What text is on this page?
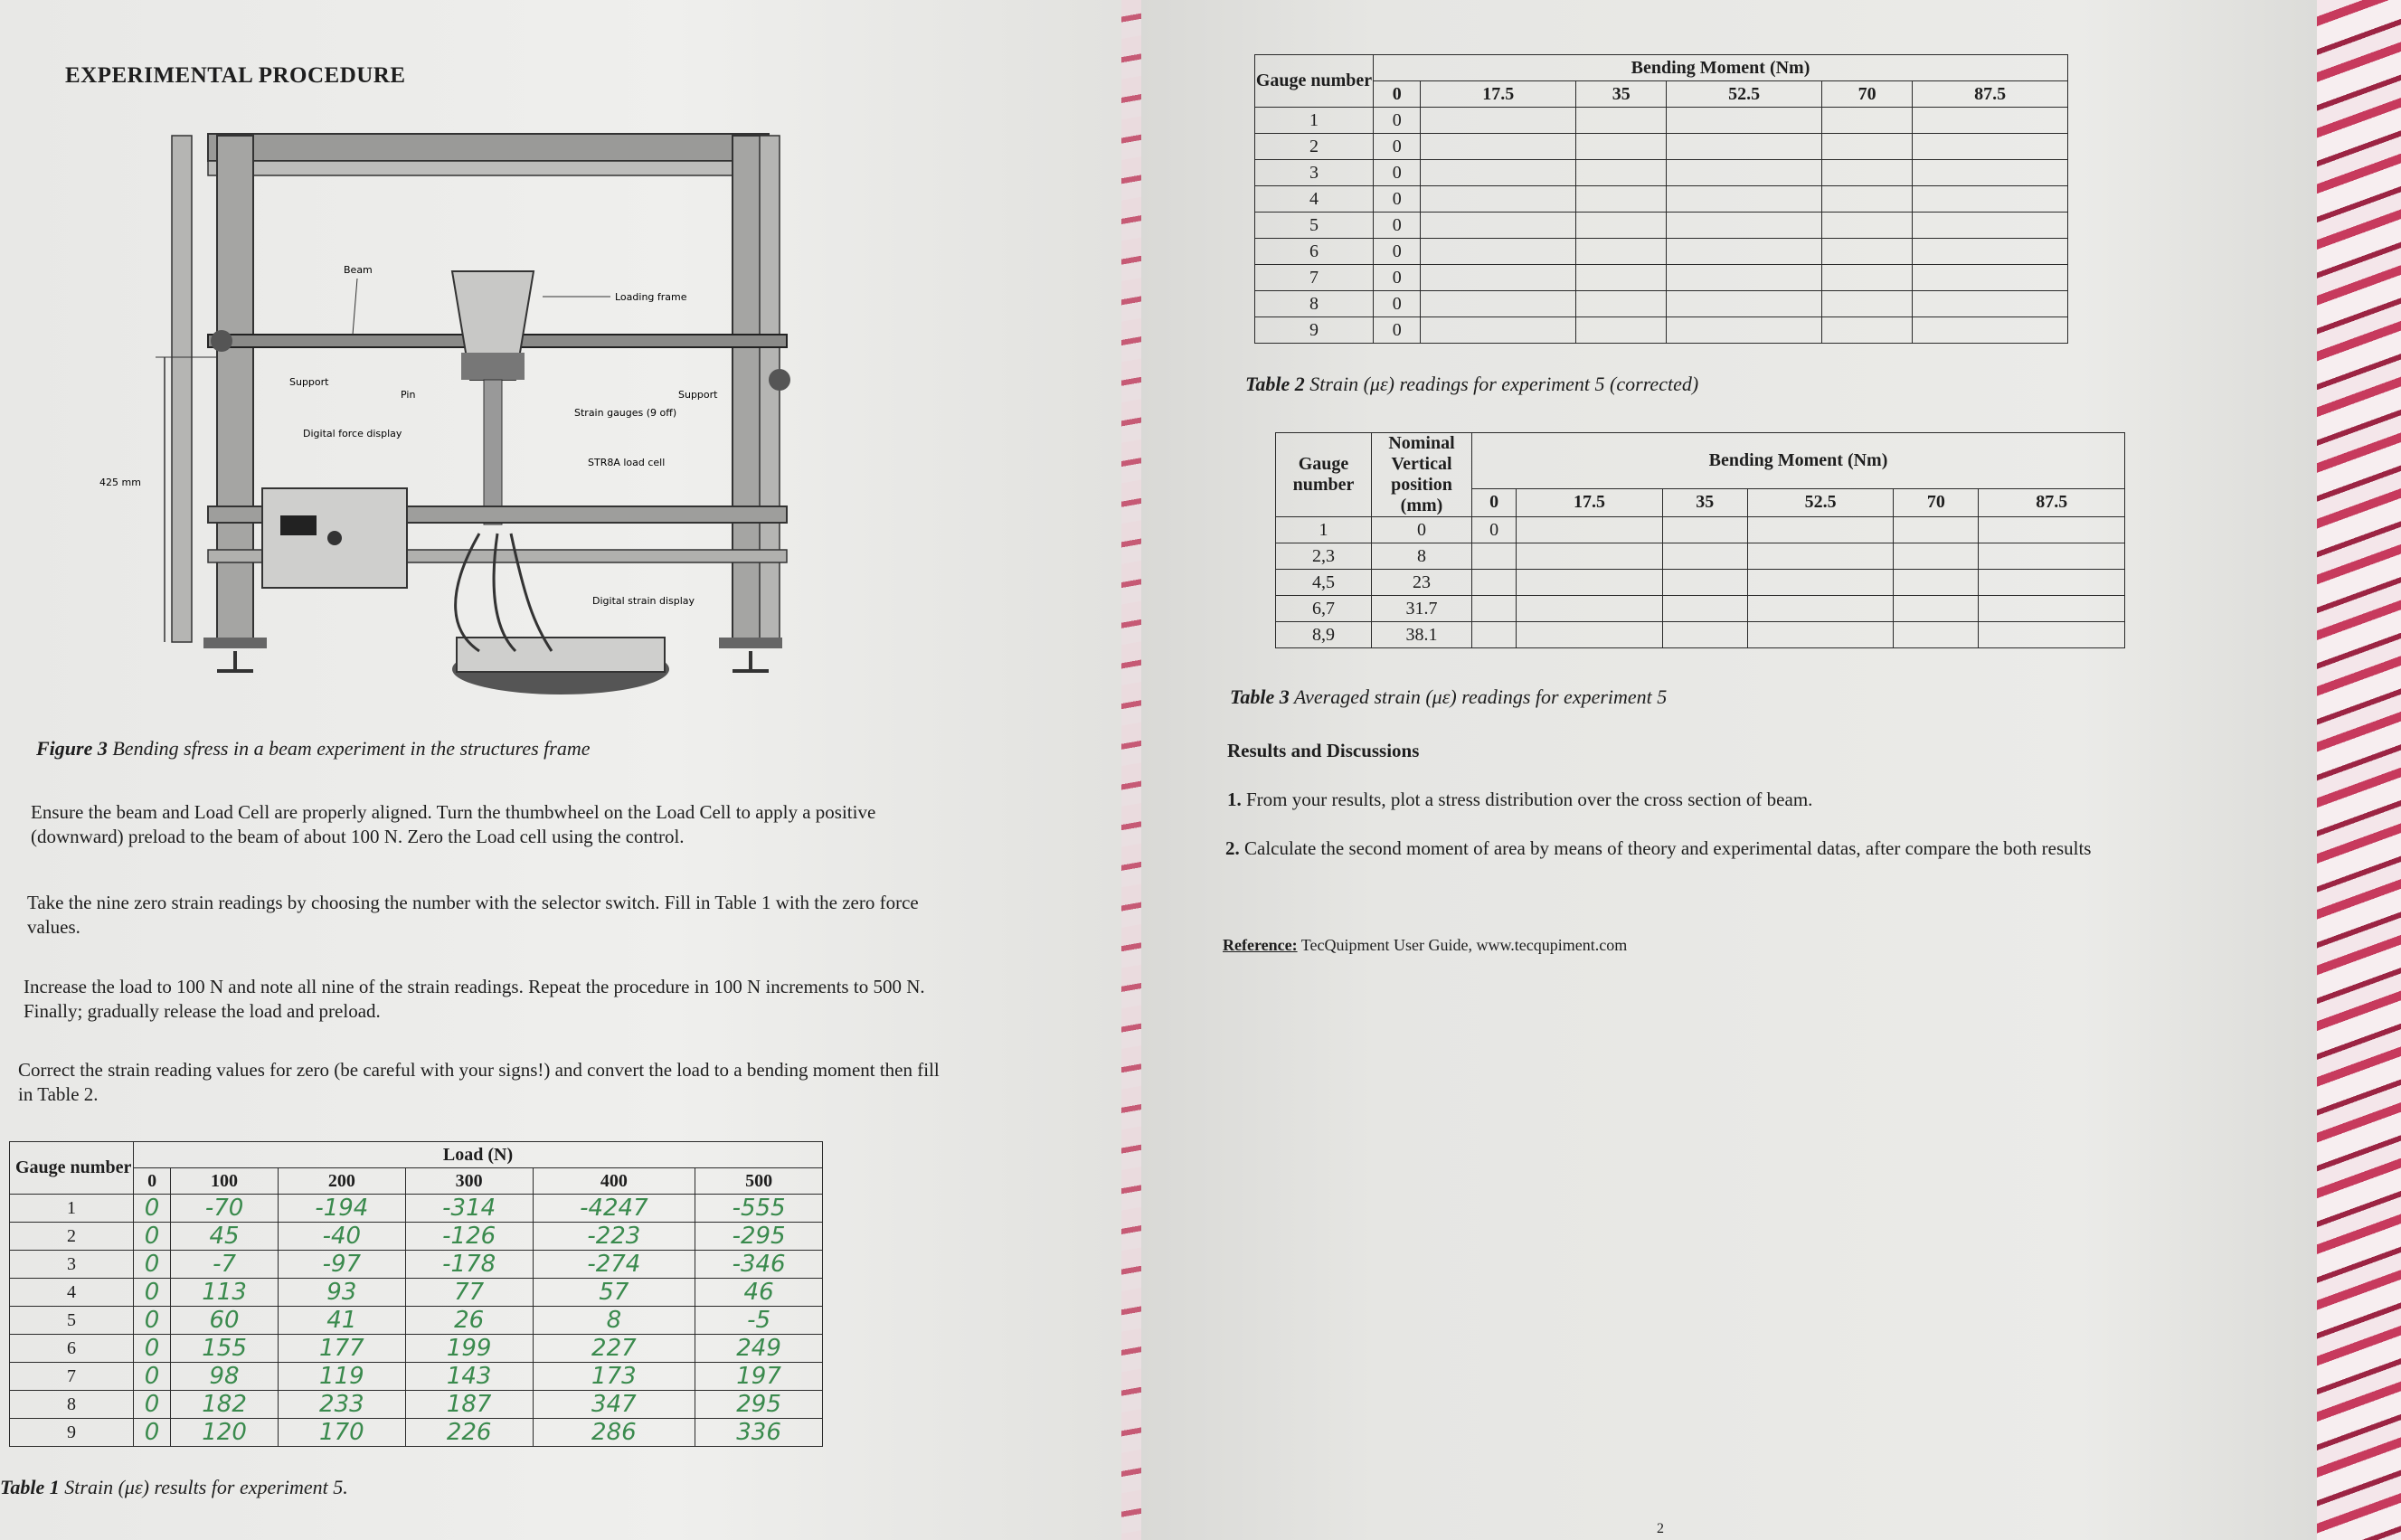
EXPERIMENTAL PROCEDURE
Beam
Loading frame
Support
Support
Pin
Strain gauges (9 off)
Digital force display
STR8A load cell
425 mm
Digital strain display
Figure 3 Bending sfress in a beam experiment in the structures frame
Ensure the beam and Load Cell are properly aligned. Turn the thumbwheel on the Load Cell to apply a positive (downward) preload to the beam of about 100 N. Zero the Load cell using the control.
Take the nine zero strain readings by choosing the number with the selector switch. Fill in Table 1 with the zero force values.
Increase the load to 100 N and note all nine of the strain readings. Repeat the procedure in 100 N increments to 500 N. Finally; gradually release the load and preload.
Correct the strain reading values for zero (be careful with your signs!) and convert the load to a bending moment then fill in Table 2.
Gauge number	Load (N)					
	0	100	200	300	400	500
1	0	-70	-194	-314	-4247	-555
2	0	45	-40	-126	-223	-295
3	0	-7	-97	-178	-274	-346
4	0	113	93	77	57	46
5	0	60	41	26	8	-5
6	0	155	177	199	227	249
7	0	98	119	143	173	197
8	0	182	233	187	347	295
9	0	120	170	226	286	336
Table 1 Strain (με) results for experiment 5.
Gauge number	Bending Moment (Nm)					
	0	17.5	35	52.5	70	87.5
1	0					
2	0					
3	0					
4	0					
5	0					
6	0					
7	0					
8	0					
9	0					
Table 2 Strain (με) readings for experiment 5 (corrected)
Gauge number	Nominal Vertical position (mm)	Bending Moment (Nm)					
		0	17.5	35	52.5	70	87.5
1	0	0					
2,3	8						
4,5	23						
6,7	31.7						
8,9	38.1						
Table 3 Averaged strain (με) readings for experiment 5
Results and Discussions
1. From your results, plot a stress distribution over the cross section of beam.
2. Calculate the second moment of area by means of theory and experimental datas, after compare the both results
Reference: TecQuipment User Guide, www.tecqupiment.com
2
